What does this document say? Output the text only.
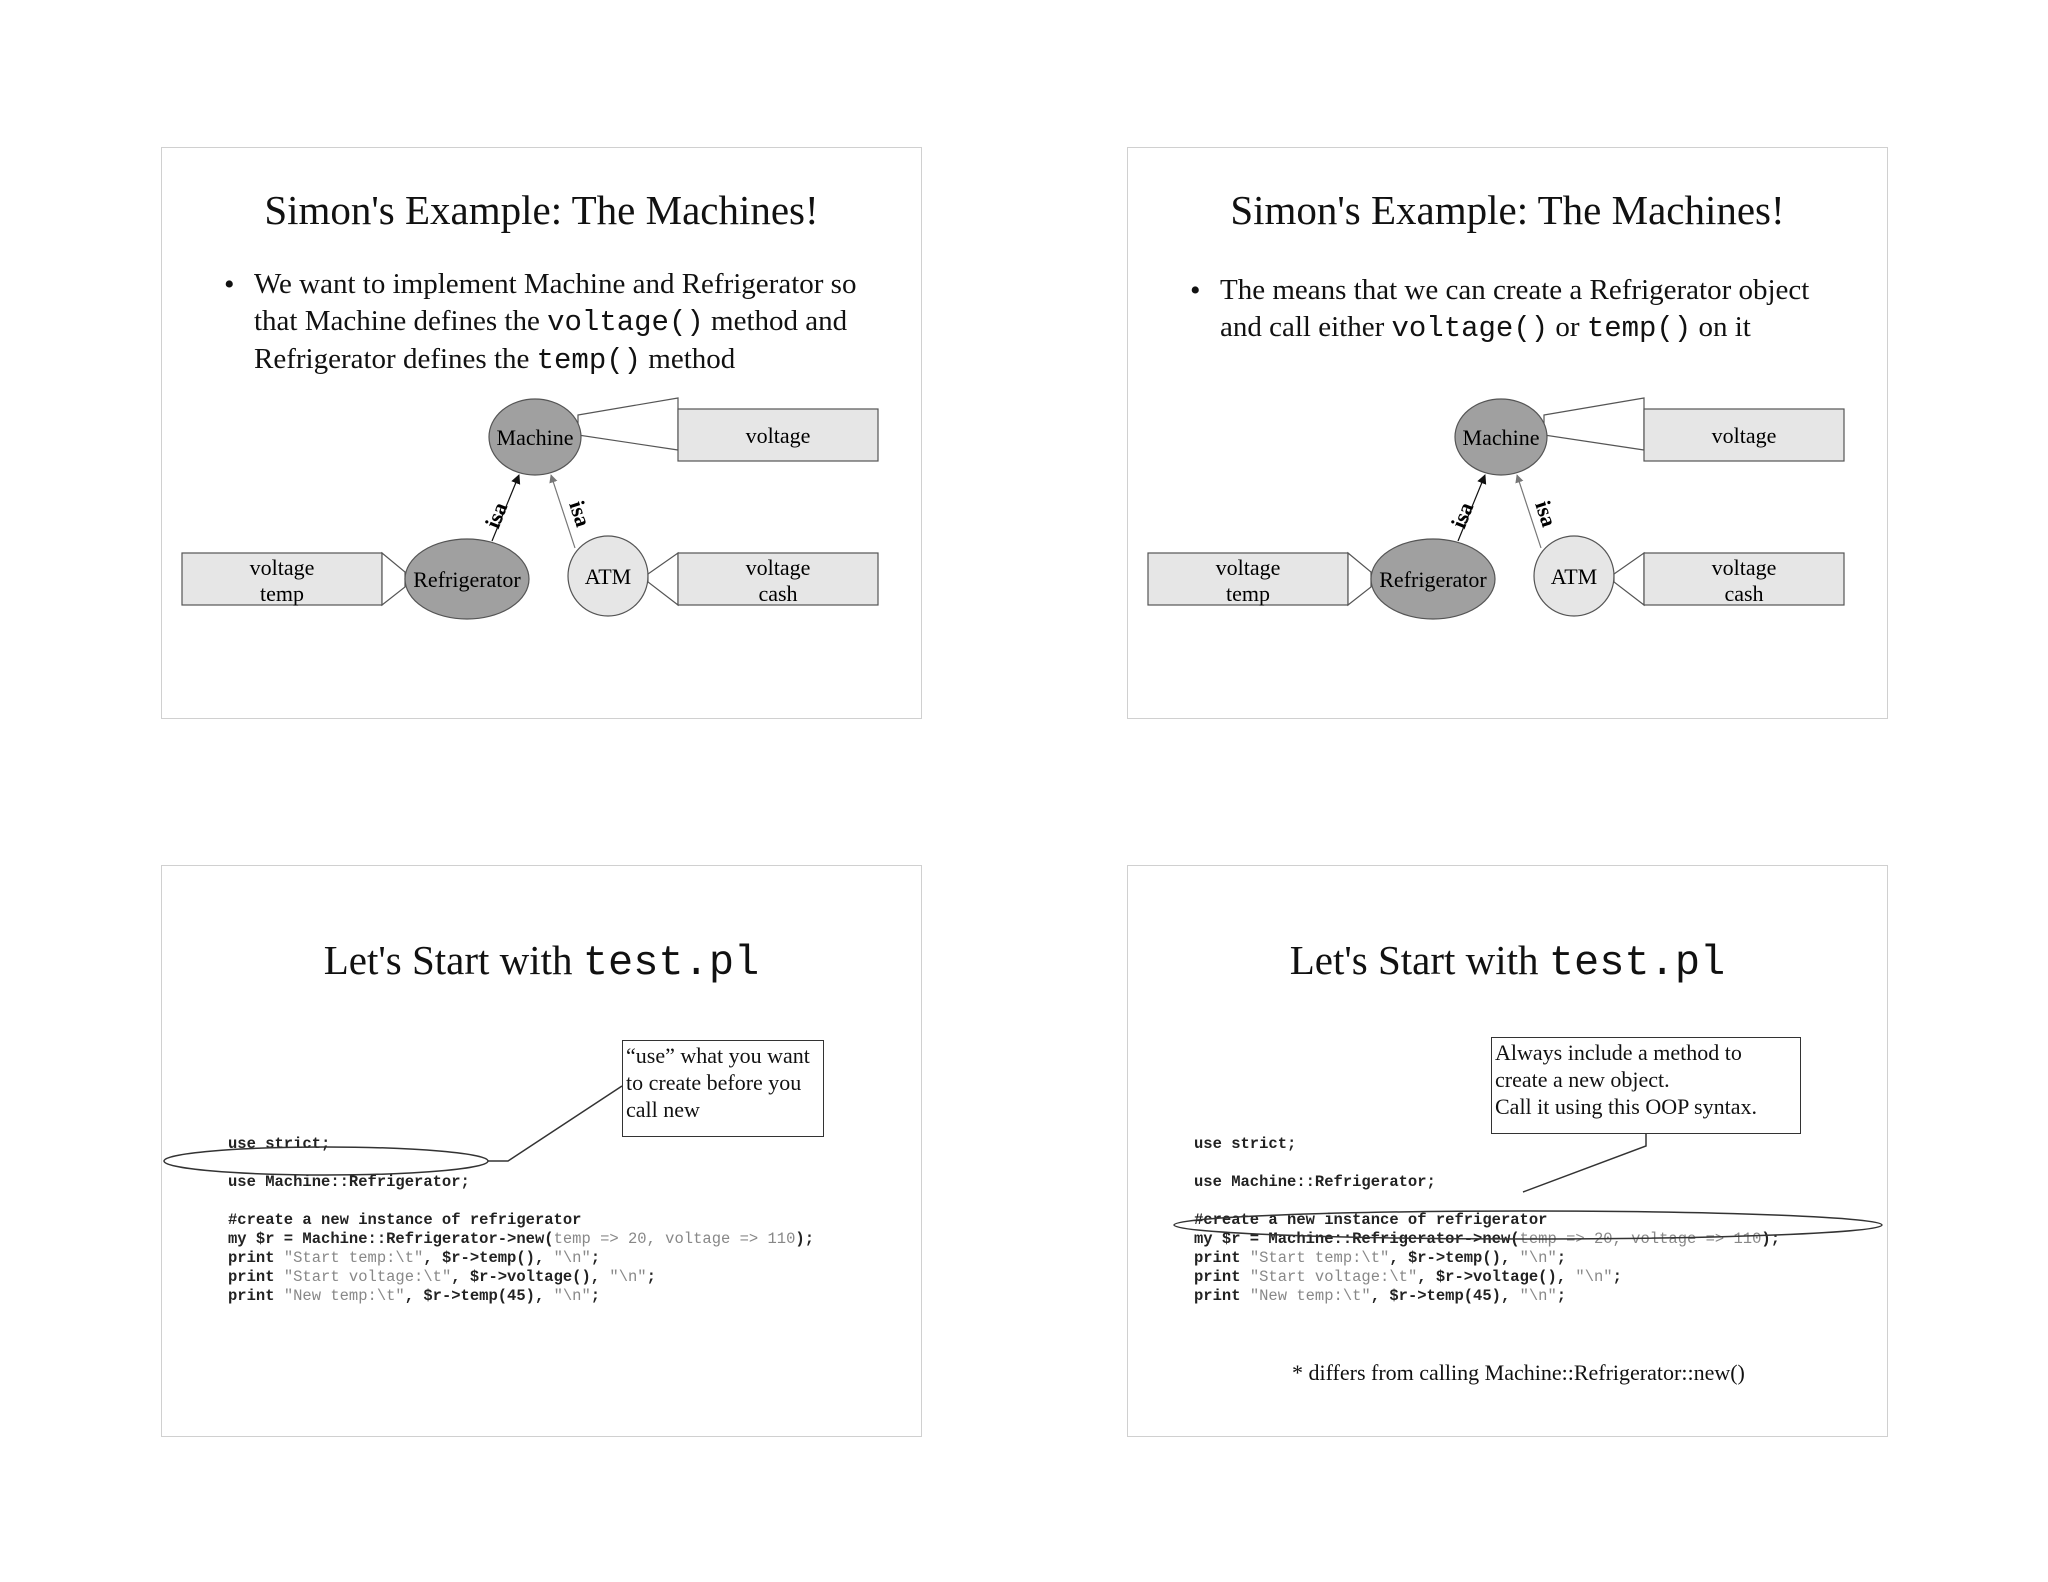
Simon's Example: The Machines!
• We want to implement Machine and Refrigerator so that Machine defines the voltage() method and Refrigerator defines the temp() method
voltage
Machine
isa isa
voltage
temp
Refrigerator	ATM	voltage
cash
Simon's Example: The Machines!
• The means that we can create a Refrigerator object and call either voltage() or temp() on it
voltage
Machine
isa isa
voltage
temp
Refrigerator	ATM	voltage
cash
Let's Start with test.pl
“use” what you want
to create before you
call new

use strict;

use Machine::Refrigerator;

#create a new instance of refrigerator
my $r = Machine::Refrigerator->new(temp => 20, voltage => 110);
print "Start temp:\t", $r->temp(), "\n";
print "Start voltage:\t", $r->voltage(), "\n";
print "New temp:\t", $r->temp(45), "\n";
Let's Start with test.pl
Always include a method to
create a new object.
Call it using this OOP syntax.

use strict;

use Machine::Refrigerator;

#create a new instance of refrigerator
my $r = Machine::Refrigerator->new(temp => 20, voltage => 110);
print "Start temp:\t", $r->temp(), "\n";
print "Start voltage:\t", $r->voltage(), "\n";
print "New temp:\t", $r->temp(45), "\n";
* differs from calling Machine::Refrigerator::new()
